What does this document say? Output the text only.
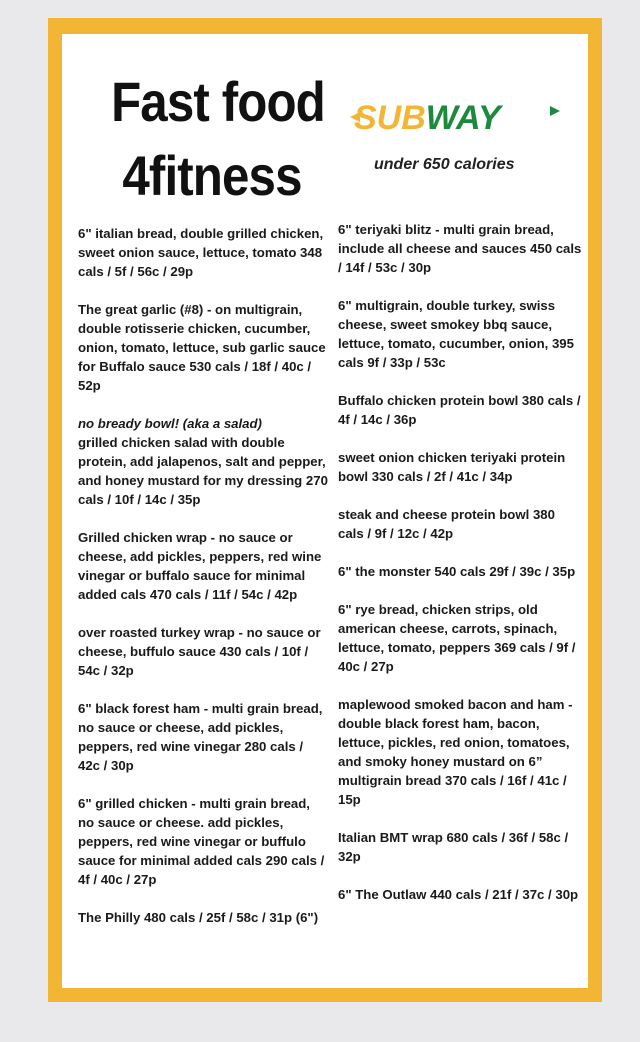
Fast food
4fitness
SUBWAY
under 650 calories
6" italian bread, double grilled chicken, sweet onion sauce, lettuce, tomato 348 cals / 5f / 56c / 29p
The great garlic (#8) - on multigrain, double rotisserie chicken, cucumber, onion, tomato, lettuce, sub garlic sauce for Buffalo sauce 530 cals / 18f / 40c / 52p
no bready bowl! (aka a salad)
grilled chicken salad with double protein, add jalapenos, salt and pepper, and honey mustard for my dressing 270 cals / 10f / 14c / 35p
Grilled chicken wrap - no sauce or cheese, add pickles, peppers, red wine vinegar or buffalo sauce for minimal added cals 470 cals / 11f / 54c / 42p
over roasted turkey wrap - no sauce or cheese, buffulo sauce 430 cals / 10f / 54c / 32p
6" black forest ham - multi grain bread, no sauce or cheese, add pickles, peppers, red wine vinegar 280 cals / 42c / 30p
6" grilled chicken - multi grain bread, no sauce or cheese. add pickles, peppers, red wine vinegar or buffulo sauce for minimal added cals 290 cals / 4f / 40c / 27p
The Philly 480 cals / 25f / 58c / 31p (6")
6" teriyaki blitz - multi grain bread, include all cheese and sauces 450 cals / 14f / 53c / 30p
6" multigrain, double turkey, swiss cheese, sweet smokey bbq sauce, lettuce, tomato, cucumber, onion, 395 cals 9f / 33p / 53c
Buffalo chicken protein bowl 380 cals / 4f / 14c / 36p
sweet onion chicken teriyaki protein bowl 330 cals / 2f / 41c / 34p
steak and cheese protein bowl 380 cals / 9f / 12c / 42p
6" the monster 540 cals 29f / 39c / 35p
6" rye bread, chicken strips, old american cheese, carrots, spinach, lettuce, tomato, peppers 369 cals / 9f / 40c / 27p
maplewood smoked bacon and ham - double black forest ham, bacon, lettuce, pickles, red onion, tomatoes, and smoky honey mustard on 6” multigrain bread 370 cals / 16f / 41c / 15p
Italian BMT wrap 680 cals / 36f / 58c / 32p
6" The Outlaw 440 cals / 21f / 37c / 30p
